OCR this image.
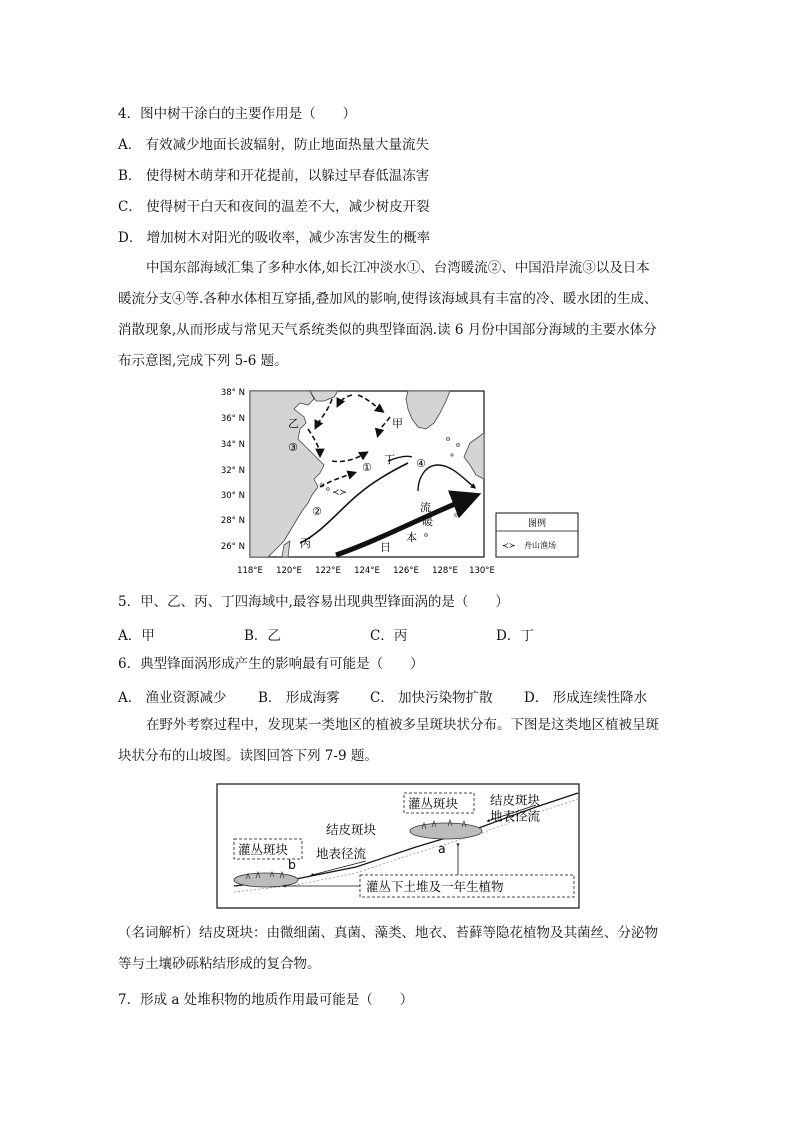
4．图中树干涂白的主要作用是（　　）
A． 有效减少地面长波辐射，防止地面热量大量流失
B． 使得树木萌芽和开花提前，以躲过早春低温冻害
C． 使得树干白天和夜间的温差不大，减少树皮开裂
D． 增加树木对阳光的吸收率，减少冻害发生的概率
中国东部海域汇集了多种水体,如长江冲淡水①、台湾暖流②、中国沿岸流③以及日本暖流分支④等.各种水体相互穿插,叠加风的影响,使得该海域具有丰富的冷、暖水团的生成、消散现象,从而形成与常见天气系统类似的典型锋面涡.读 6 月份中国部分海域的主要水体分布示意图,完成下列 5-6 题。
①
②
③
④
甲
乙
丙
丁
日
本
暖
流
≺≻
38° N
36° N
34° N
32° N
30° N
28° N
26° N
118°E 120°E 122°E 124°E 126°E 128°E 130°E
图例
≺≻ 舟山渔场
5．甲、乙、丙、丁四海域中,最容易出现典型锋面涡的是（　　）
A．甲	B．乙	C．丙	D．丁
6．典型锋面涡形成产生的影响最有可能是（　　）
A． 渔业资源减少 B． 形成海雾 C． 加快污染物扩散 D． 形成连续性降水
在野外考察过程中，发现某一类地区的植被多呈斑块状分布。下图是这类地区植被呈斑块状分布的山坡图。读图回答下列 7-9 题。
灌丛斑块
b
结皮斑块
地表径流
灌丛斑块
a
结皮斑块
地表径流
灌丛下土堆及一年生植物
（名词解析）结皮斑块：由微细菌、真菌、藻类、地衣、苔藓等隐花植物及其菌丝、分泌物等与土壤砂砾粘结形成的复合物。
7．形成 a 处堆积物的地质作用最可能是（　　）
